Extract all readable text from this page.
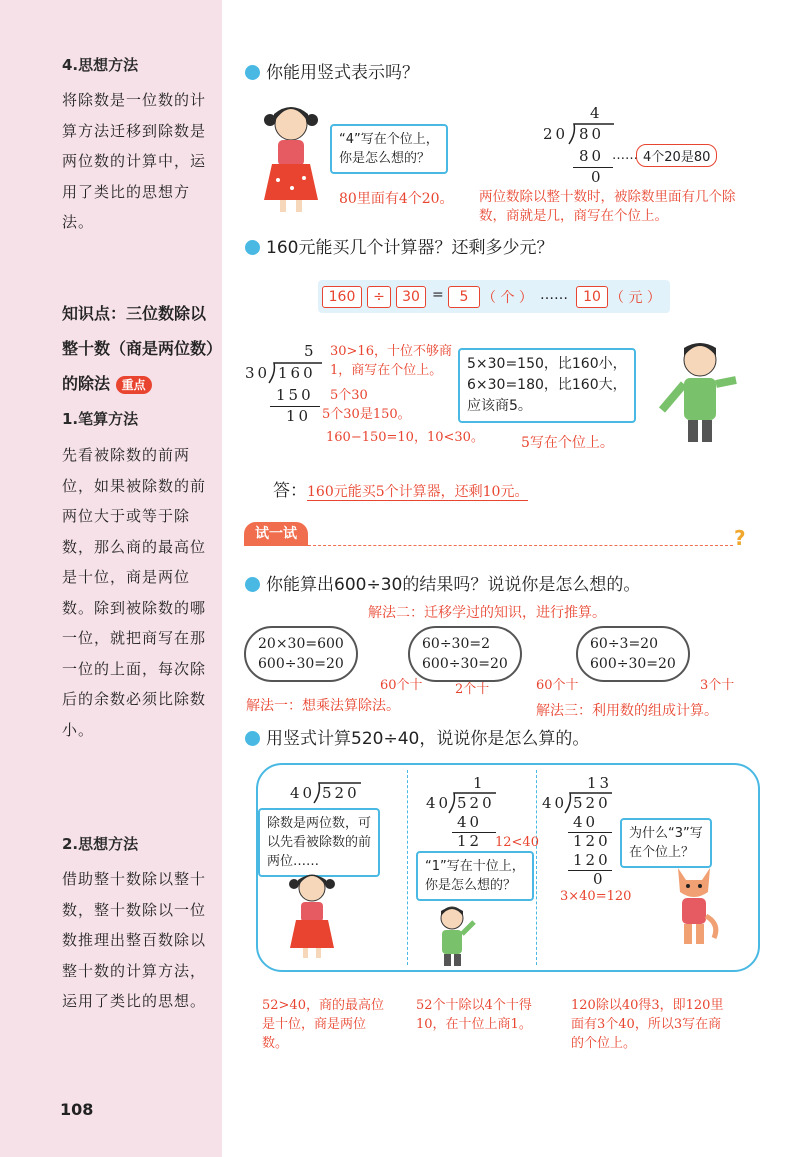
4.思想方法
将除数是一位数的计算方法迁移到除数是两位数的计算中，运用了类比的思想方法。
知识点：三位数除以整十数（商是两位数）的除法 重点
1.笔算方法
先看被除数的前两位，如果被除数的前两位大于或等于除数，那么商的最高位是十位，商是两位数。除到被除数的哪一位，就把商写在那一位的上面，每次除后的余数必须比除数小。
2.思想方法
借助整十数除以整十数，整十数除以一位数推理出整百数除以整十数的计算方法，运用了类比的思想。
108
你能用竖式表示吗？
“4”写在个位上，
你是怎么想的？
80里面有4个20。
4
20 80
80
0
…… 4个20是80
两位数除以整十数时，被除数里面有几个除数，商就是几，商写在个位上。
160元能买几个计算器？还剩多少元？
160	÷	30 =	5 （ 个 ） ……	10 （ 元 ）
5
30 160
150
10
30>16，十位不够商1，商写在个位上。
5个30
5个30是150。
160−150=10，10<30。
5×30=150，比160小，
6×30=180，比160大，
应该商5。
5写在个位上。
答：160元能买5个计算器，还剩10元。
试一试	?
你能算出600÷30的结果吗？说说你是怎么想的。
解法二：迁移学过的知识，进行推算。
20×30=600
600÷30=20
60÷30=2
600÷30=20
60÷3=20
600÷30=20
60个十 2个十	60个十	3个十
解法一：想乘法算除法。	解法三：利用数的组成计算。
用竖式计算520÷40，说说你是怎么算的。
40 520
除数是两位数，可
以先看被除数的前
两位……
1
40 520
40
12 12<40
“1”写在十位上，
你是怎么想的？
13
40 520
40
120
120
0
3×40=120
为什么“3”写
在个位上？
52>40，商的最高位是十位，商是两位数。
52个十除以4个十得10，在十位上商1。
120除以40得3，即120里面有3个40，所以3写在商的个位上。
